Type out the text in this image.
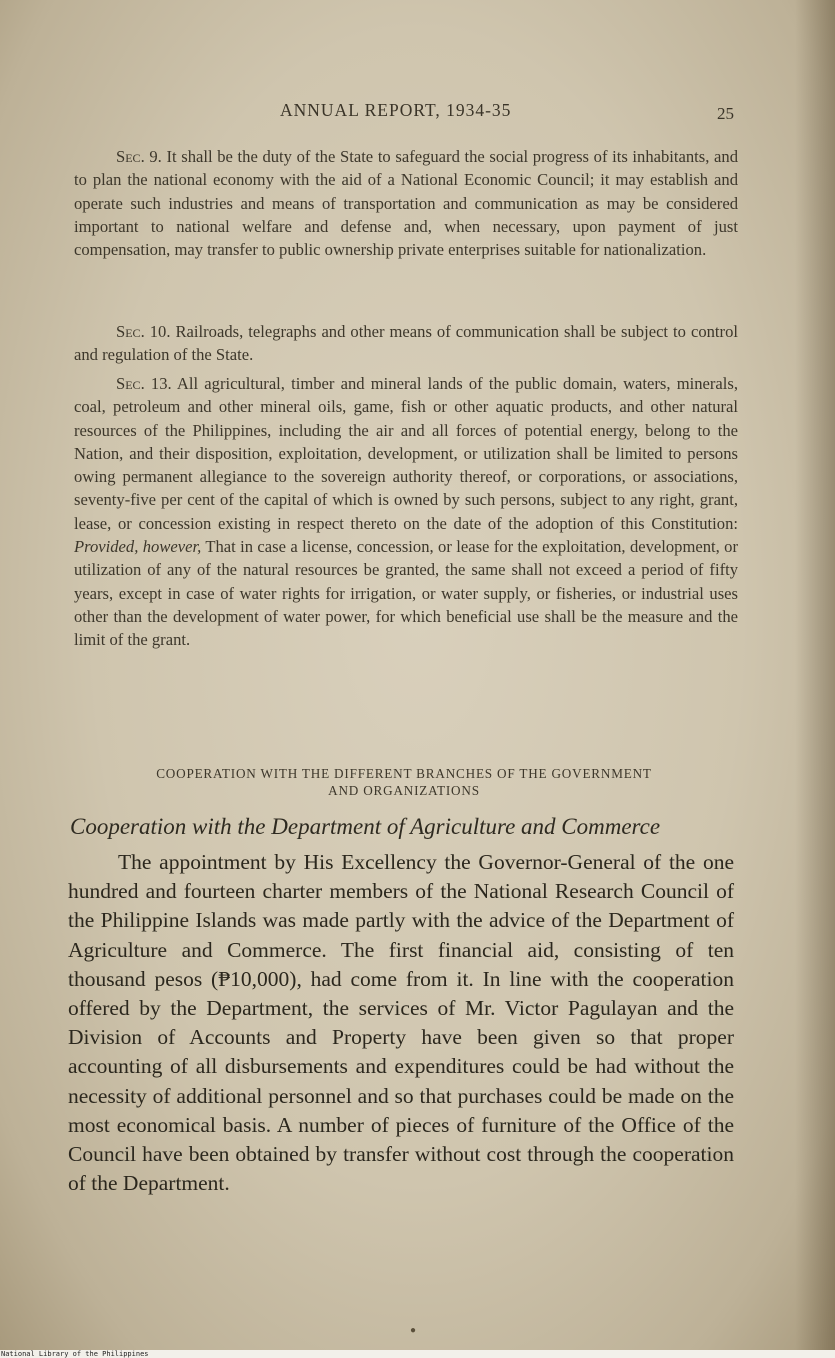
ANNUAL REPORT, 1934-35	25

Sec. 9. It shall be the duty of the State to safeguard the social progress of its inhabitants, and to plan the national economy with the aid of a National Economic Council; it may establish and operate such industries and means of transportation and communication as may be considered important to national welfare and defense and, when necessary, upon payment of just compensation, may transfer to public ownership private enterprises suitable for nationalization.

Sec. 10. Railroads, telegraphs and other means of communication shall be subject to control and regulation of the State.

Sec. 13. All agricultural, timber and mineral lands of the public domain, waters, minerals, coal, petroleum and other mineral oils, game, fish or other aquatic products, and other natural resources of the Philippines, including the air and all forces of potential energy, belong to the Nation, and their disposition, exploitation, development, or utilization shall be limited to persons owing permanent allegiance to the sovereign authority thereof, or corporations, or associations, seventy-five per cent of the capital of which is owned by such persons, subject to any right, grant, lease, or concession existing in respect thereto on the date of the adoption of this Constitution: Provided, however, That in case a license, concession, or lease for the exploitation, development, or utilization of any of the natural resources be granted, the same shall not exceed a period of fifty years, except in case of water rights for irrigation, or water supply, or fisheries, or industrial uses other than the development of water power, for which beneficial use shall be the measure and the limit of the grant.

COOPERATION WITH THE DIFFERENT BRANCHES OF THE GOVERNMENT
AND ORGANIZATIONS
Cooperation with the Department of Agriculture and Commerce

The appointment by His Excellency the Governor-General of the one hundred and fourteen charter members of the National Research Council of the Philippine Islands was made partly with the advice of the Department of Agriculture and Commerce. The first financial aid, consisting of ten thousand pesos (₱10,000), had come from it. In line with the cooperation offered by the Department, the services of Mr. Victor Pagulayan and the Division of Accounts and Property have been given so that proper accounting of all disbursements and expenditures could be had without the necessity of additional personnel and so that purchases could be made on the most economical basis. A number of pieces of furniture of the Office of the Council have been obtained by transfer without cost through the cooperation of the Department.

●
National Library of the Philippines
